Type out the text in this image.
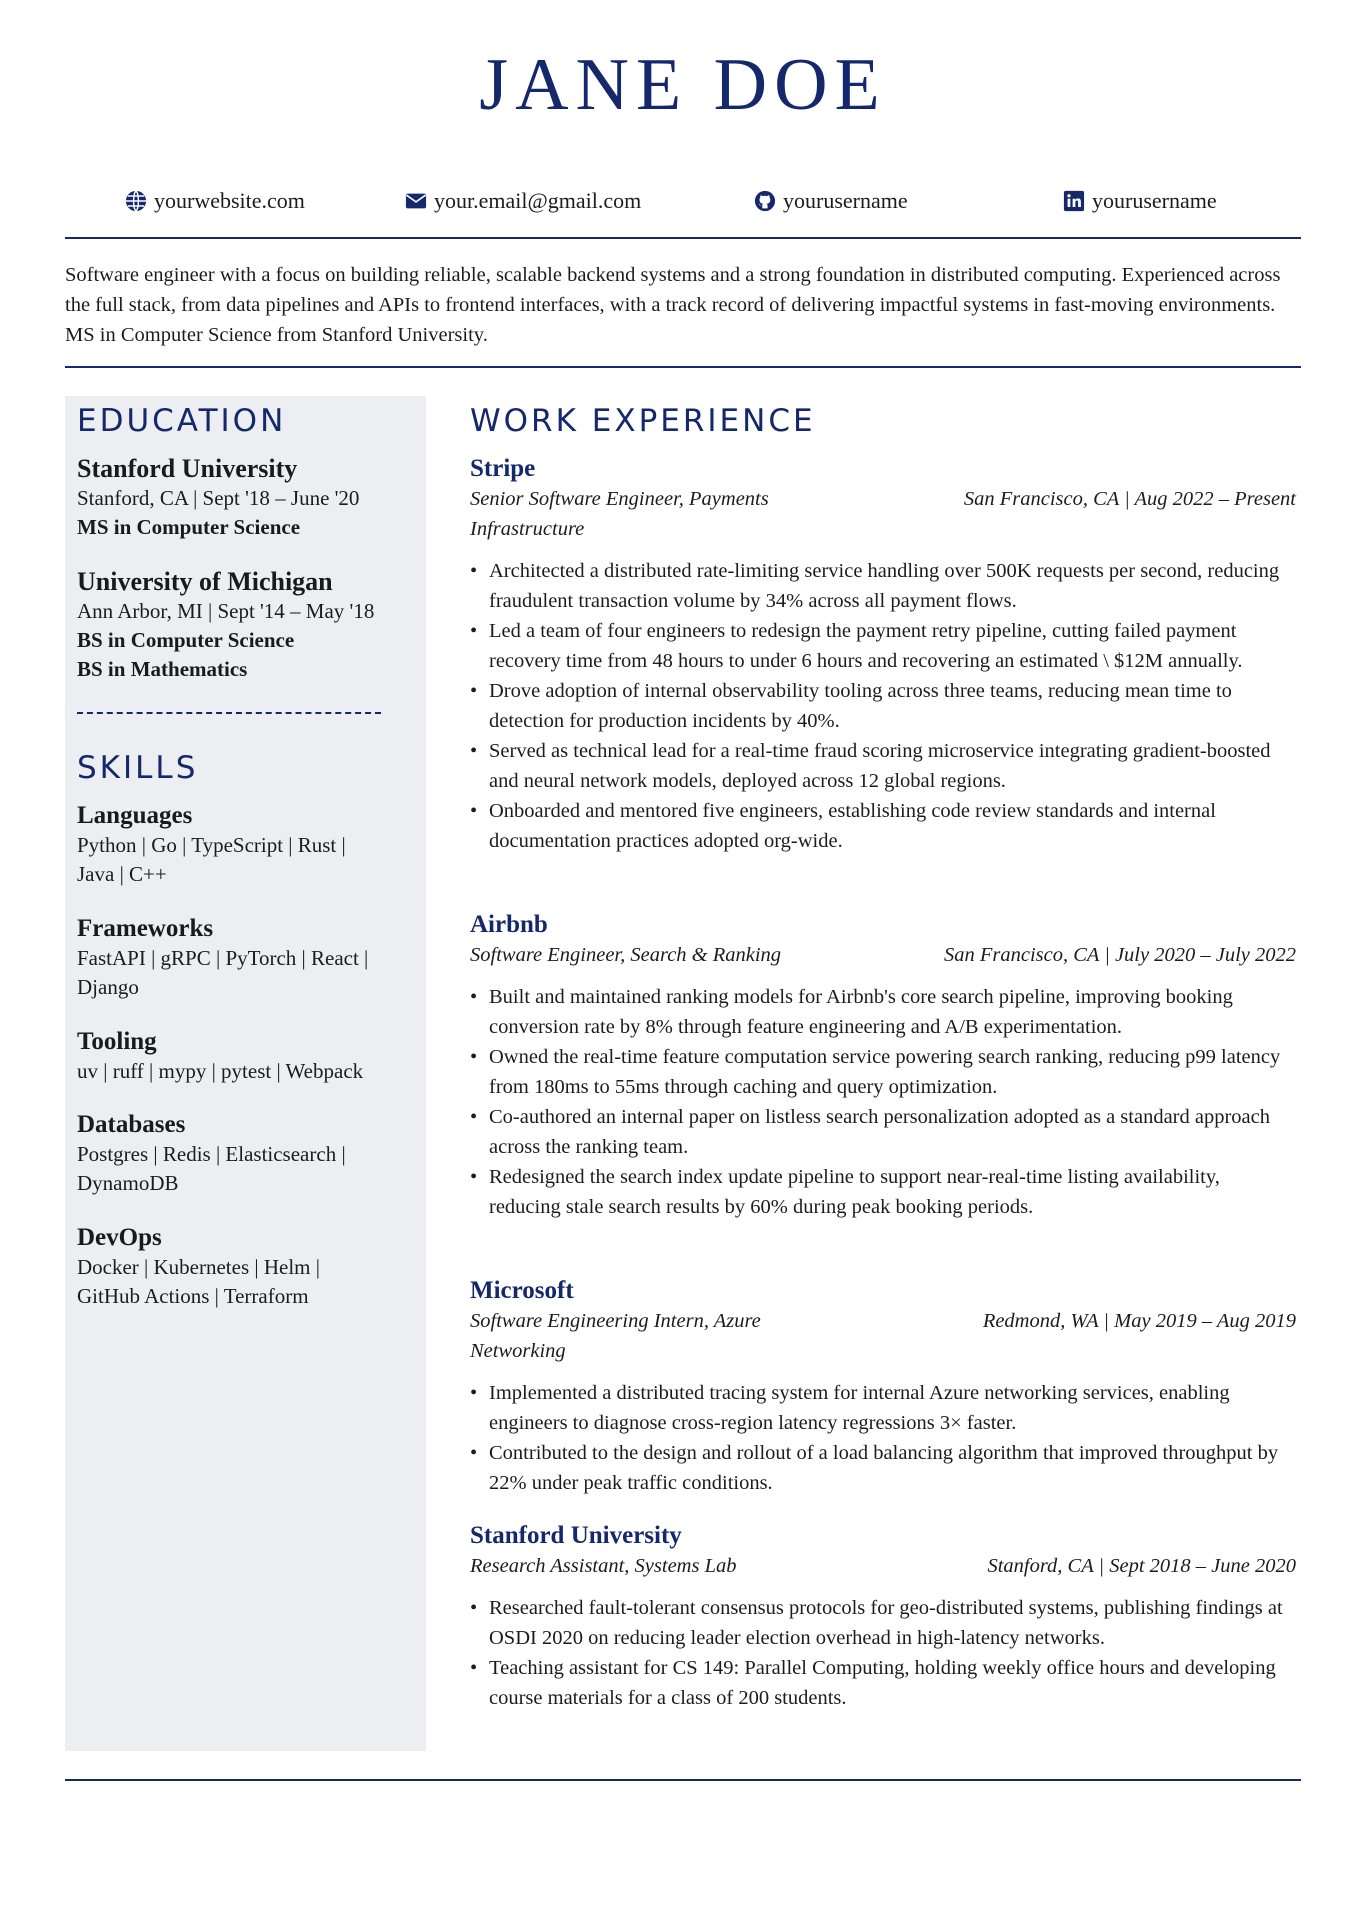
JANE DOE
yourwebsite.com	your.email@gmail.com	yourusername	yourusername
Software engineer with a focus on building reliable, scalable backend systems and a strong foundation in distributed computing. Experienced across the full stack, from data pipelines and APIs to frontend interfaces, with a track record of delivering impactful systems in fast-moving environments. MS in Computer Science from Stanford University.
EDUCATION
Stanford University
Stanford, CA | Sept '18 – June '20
MS in Computer Science
University of Michigan
Ann Arbor, MI | Sept '14 – May '18
BS in Computer Science
BS in Mathematics
SKILLS
Languages
Python | Go | TypeScript | Rust |
Java | C++
Frameworks
FastAPI | gRPC | PyTorch | React |
Django
Tooling
uv | ruff | mypy | pytest | Webpack
Databases
Postgres | Redis | Elasticsearch |
DynamoDB
DevOps
Docker | Kubernetes | Helm |
GitHub Actions | Terraform
WORK EXPERIENCE
Stripe
Senior Software Engineer, Payments Infrastructure
San Francisco, CA | Aug 2022 – Present
• Architected a distributed rate-limiting service handling over 500K requests per second, reducing fraudulent transaction volume by 34% across all payment flows.
• Led a team of four engineers to redesign the payment retry pipeline, cutting failed payment recovery time from 48 hours to under 6 hours and recovering an estimated \ $12M annually.
• Drove adoption of internal observability tooling across three teams, reducing mean time to detection for production incidents by 40%.
• Served as technical lead for a real-time fraud scoring microservice integrating gradient-boosted and neural network models, deployed across 12 global regions.
• Onboarded and mentored five engineers, establishing code review standards and internal documentation practices adopted org-wide.
Airbnb
Software Engineer, Search & Ranking	San Francisco, CA | July 2020 – July 2022
• Built and maintained ranking models for Airbnb's core search pipeline, improving booking conversion rate by 8% through feature engineering and A/B experimentation.
• Owned the real-time feature computation service powering search ranking, reducing p99 latency from 180ms to 55ms through caching and query optimization.
• Co-authored an internal paper on listless search personalization adopted as a standard approach across the ranking team.
• Redesigned the search index update pipeline to support near-real-time listing availability, reducing stale search results by 60% during peak booking periods.
Microsoft
Software Engineering Intern, Azure Networking
Redmond, WA | May 2019 – Aug 2019
• Implemented a distributed tracing system for internal Azure networking services, enabling engineers to diagnose cross-region latency regressions 3× faster.
• Contributed to the design and rollout of a load balancing algorithm that improved throughput by 22% under peak traffic conditions.
Stanford University
Research Assistant, Systems Lab	Stanford, CA | Sept 2018 – June 2020
• Researched fault-tolerant consensus protocols for geo-distributed systems, publishing findings at OSDI 2020 on reducing leader election overhead in high-latency networks.
• Teaching assistant for CS 149: Parallel Computing, holding weekly office hours and developing course materials for a class of 200 students.
